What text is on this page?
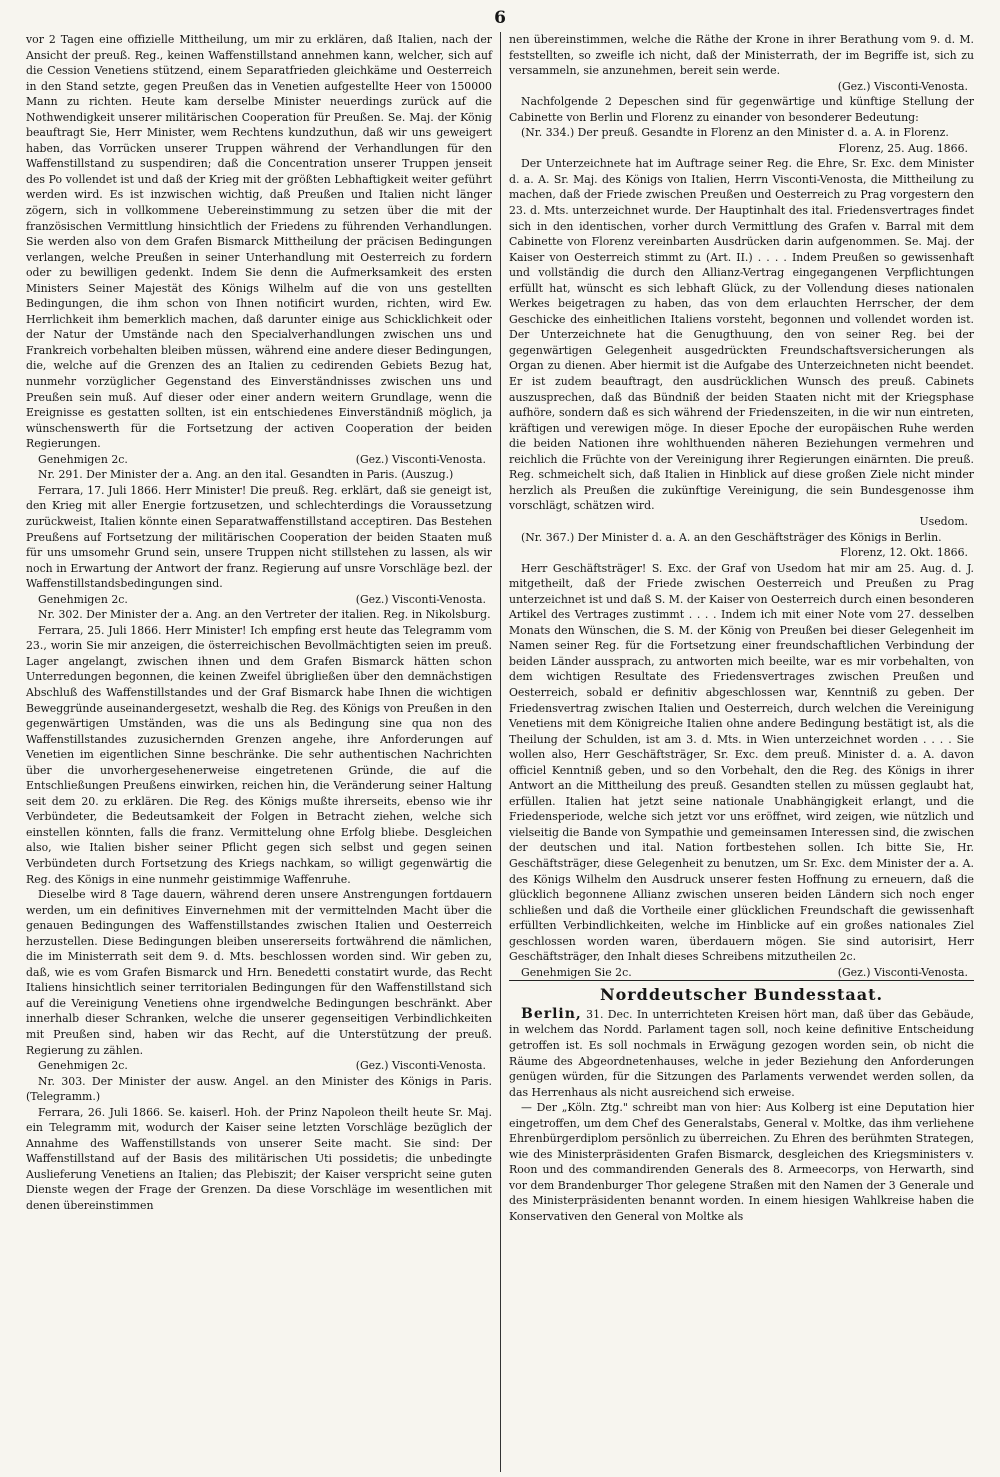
6

vor 2 Tagen eine offizielle Mittheilung, um mir zu erklären, daß Italien, nach der Ansicht der preuß. Reg., keinen Waffenstillstand annehmen kann, welcher, sich auf die Cession Venetiens stützend, einem Separatfrieden gleichkäme und Oesterreich in den Stand setzte, gegen Preußen das in Venetien aufgestellte Heer von 150000 Mann zu richten. Heute kam derselbe Minister neuerdings zurück auf die Nothwendigkeit unserer militärischen Cooperation für Preußen. Se. Maj. der König beauftragt Sie, Herr Minister, wem Rechtens kundzuthun, daß wir uns geweigert haben, das Vorrücken unserer Truppen während der Verhandlungen für den Waffenstillstand zu suspendiren; daß die Concentration unserer Truppen jenseit des Po vollendet ist und daß der Krieg mit der größten Lebhaftigkeit weiter geführt werden wird. Es ist inzwischen wichtig, daß Preußen und Italien nicht länger zögern, sich in vollkommene Uebereinstimmung zu setzen über die mit der französischen Vermittlung hinsichtlich der Friedens zu führenden Verhandlungen. Sie werden also von dem Grafen Bismarck Mittheilung der präcisen Bedingungen verlangen, welche Preußen in seiner Unterhandlung mit Oesterreich zu fordern oder zu bewilligen gedenkt. Indem Sie denn die Aufmerksamkeit des ersten Ministers Seiner Majestät des Königs Wilhelm auf die von uns gestellten Bedingungen, die ihm schon von Ihnen notificirt wurden, richten, wird Ew. Herrlichkeit ihm bemerklich machen, daß darunter einige aus Schicklichkeit oder der Natur der Umstände nach den Specialverhandlungen zwischen uns und Frankreich vorbehalten bleiben müssen, während eine andere dieser Bedingungen, die, welche auf die Grenzen des an Italien zu cedirenden Gebiets Bezug hat, nunmehr vorzüglicher Gegenstand des Einverständnisses zwischen uns und Preußen sein muß. Auf dieser oder einer andern weitern Grundlage, wenn die Ereignisse es gestatten sollten, ist ein entschiedenes Einverständniß möglich, ja wünschenswerth für die Fortsetzung der activen Cooperation der beiden Regierungen.

Genehmigen 2c.	(Gez.) Visconti-Venosta.

Nr. 291. Der Minister der a. Ang. an den ital. Gesandten in Paris. (Auszug.)

Ferrara, 17. Juli 1866. Herr Minister! Die preuß. Reg. erklärt, daß sie geneigt ist, den Krieg mit aller Energie fortzusetzen, und schlechterdings die Voraussetzung zurückweist, Italien könnte einen Separatwaffenstillstand acceptiren. Das Bestehen Preußens auf Fortsetzung der militärischen Cooperation der beiden Staaten muß für uns umsomehr Grund sein, unsere Truppen nicht stillstehen zu lassen, als wir noch in Erwartung der Antwort der franz. Regierung auf unsre Vorschläge bezl. der Waffenstillstandsbedingungen sind.

Genehmigen 2c.	(Gez.) Visconti-Venosta.

Nr. 302. Der Minister der a. Ang. an den Vertreter der italien. Reg. in Nikolsburg.

Ferrara, 25. Juli 1866. Herr Minister! Ich empfing erst heute das Telegramm vom 23., worin Sie mir anzeigen, die österreichischen Bevollmächtigten seien im preuß. Lager angelangt, zwischen ihnen und dem Grafen Bismarck hätten schon Unterredungen begonnen, die keinen Zweifel übrigließen über den demnächstigen Abschluß des Waffenstillstandes und der Graf Bismarck habe Ihnen die wichtigen Beweggründe auseinandergesetzt, weshalb die Reg. des Königs von Preußen in den gegenwärtigen Umständen, was die uns als Bedingung sine qua non des Waffenstillstandes zuzusichernden Grenzen angehe, ihre Anforderungen auf Venetien im eigentlichen Sinne beschränke. Die sehr authentischen Nachrichten über die unvorhergesehenerweise eingetretenen Gründe, die auf die Entschließungen Preußens einwirken, reichen hin, die Veränderung seiner Haltung seit dem 20. zu erklären. Die Reg. des Königs mußte ihrerseits, ebenso wie ihr Verbündeter, die Bedeutsamkeit der Folgen in Betracht ziehen, welche sich einstellen könnten, falls die franz. Vermittelung ohne Erfolg bliebe. Desgleichen also, wie Italien bisher seiner Pflicht gegen sich selbst und gegen seinen Verbündeten durch Fortsetzung des Kriegs nachkam, so willigt gegenwärtig die Reg. des Königs in eine nunmehr geistimmige Waffenruhe.

Dieselbe wird 8 Tage dauern, während deren unsere Anstrengungen fortdauern werden, um ein definitives Einvernehmen mit der vermittelnden Macht über die genauen Bedingungen des Waffenstillstandes zwischen Italien und Oesterreich herzustellen. Diese Bedingungen bleiben unsererseits fortwährend die nämlichen, die im Ministerrath seit dem 9. d. Mts. beschlossen worden sind. Wir geben zu, daß, wie es vom Grafen Bismarck und Hrn. Benedetti constatirt wurde, das Recht Italiens hinsichtlich seiner territorialen Bedingungen für den Waffenstillstand sich auf die Vereinigung Venetiens ohne irgendwelche Bedingungen beschränkt. Aber innerhalb dieser Schranken, welche die unserer gegenseitigen Verbindlichkeiten mit Preußen sind, haben wir das Recht, auf die Unterstützung der preuß. Regierung zu zählen.

Genehmigen 2c.	(Gez.) Visconti-Venosta.

Nr. 303. Der Minister der ausw. Angel. an den Minister des Königs in Paris. (Telegramm.)

Ferrara, 26. Juli 1866. Se. kaiserl. Hoh. der Prinz Napoleon theilt heute Sr. Maj. ein Telegramm mit, wodurch der Kaiser seine letzten Vorschläge bezüglich der Annahme des Waffenstillstands von unserer Seite macht. Sie sind: Der Waffenstillstand auf der Basis des militärischen Uti possidetis; die unbedingte Auslieferung Venetiens an Italien; das Plebiszit; der Kaiser verspricht seine guten Dienste wegen der Frage der Grenzen. Da diese Vorschläge im wesentlichen mit denen übereinstimmen

nen übereinstimmen, welche die Räthe der Krone in ihrer Berathung vom 9. d. M. feststellten, so zweifle ich nicht, daß der Ministerrath, der im Begriffe ist, sich zu versammeln, sie anzunehmen, bereit sein werde.

(Gez.) Visconti-Venosta.

Nachfolgende 2 Depeschen sind für gegenwärtige und künftige Stellung der Cabinette von Berlin und Florenz zu einander von besonderer Bedeutung:

(Nr. 334.) Der preuß. Gesandte in Florenz an den Minister d. a. A. in Florenz.

Florenz, 25. Aug. 1866.

Der Unterzeichnete hat im Auftrage seiner Reg. die Ehre, Sr. Exc. dem Minister d. a. A. Sr. Maj. des Königs von Italien, Herrn Visconti-Venosta, die Mittheilung zu machen, daß der Friede zwischen Preußen und Oesterreich zu Prag vorgestern den 23. d. Mts. unterzeichnet wurde. Der Hauptinhalt des ital. Friedensvertrages findet sich in den identischen, vorher durch Vermittlung des Grafen v. Barral mit dem Cabinette von Florenz vereinbarten Ausdrücken darin aufgenommen. Se. Maj. der Kaiser von Oesterreich stimmt zu (Art. II.) . . . . Indem Preußen so gewissenhaft und vollständig die durch den Allianz-Vertrag eingegangenen Verpflichtungen erfüllt hat, wünscht es sich lebhaft Glück, zu der Vollendung dieses nationalen Werkes beigetragen zu haben, das von dem erlauchten Herrscher, der dem Geschicke des einheitlichen Italiens vorsteht, begonnen und vollendet worden ist. Der Unterzeichnete hat die Genugthuung, den von seiner Reg. bei der gegenwärtigen Gelegenheit ausgedrückten Freundschaftsversicherungen als Organ zu dienen. Aber hiermit ist die Aufgabe des Unterzeichneten nicht beendet. Er ist zudem beauftragt, den ausdrücklichen Wunsch des preuß. Cabinets auszusprechen, daß das Bündniß der beiden Staaten nicht mit der Kriegsphase aufhöre, sondern daß es sich während der Friedenszeiten, in die wir nun eintreten, kräftigen und verewigen möge. In dieser Epoche der europäischen Ruhe werden die beiden Nationen ihre wohlthuenden näheren Beziehungen vermehren und reichlich die Früchte von der Vereinigung ihrer Regierungen einärnten. Die preuß. Reg. schmeichelt sich, daß Italien in Hinblick auf diese großen Ziele nicht minder herzlich als Preußen die zukünftige Vereinigung, die sein Bundesgenosse ihm vorschlägt, schätzen wird.

Usedom.

(Nr. 367.) Der Minister d. a. A. an den Geschäftsträger des Königs in Berlin.

Florenz, 12. Okt. 1866.

Herr Geschäftsträger! S. Exc. der Graf von Usedom hat mir am 25. Aug. d. J. mitgetheilt, daß der Friede zwischen Oesterreich und Preußen zu Prag unterzeichnet ist und daß S. M. der Kaiser von Oesterreich durch einen besonderen Artikel des Vertrages zustimmt . . . . Indem ich mit einer Note vom 27. desselben Monats den Wünschen, die S. M. der König von Preußen bei dieser Gelegenheit im Namen seiner Reg. für die Fortsetzung einer freundschaftlichen Verbindung der beiden Länder aussprach, zu antworten mich beeilte, war es mir vorbehalten, von dem wichtigen Resultate des Friedensvertrages zwischen Preußen und Oesterreich, sobald er definitiv abgeschlossen war, Kenntniß zu geben. Der Friedensvertrag zwischen Italien und Oesterreich, durch welchen die Vereinigung Venetiens mit dem Königreiche Italien ohne andere Bedingung bestätigt ist, als die Theilung der Schulden, ist am 3. d. Mts. in Wien unterzeichnet worden . . . . Sie wollen also, Herr Geschäftsträger, Sr. Exc. dem preuß. Minister d. a. A. davon officiel Kenntniß geben, und so den Vorbehalt, den die Reg. des Königs in ihrer Antwort an die Mittheilung des preuß. Gesandten stellen zu müssen geglaubt hat, erfüllen. Italien hat jetzt seine nationale Unabhängigkeit erlangt, und die Friedensperiode, welche sich jetzt vor uns eröffnet, wird zeigen, wie nützlich und vielseitig die Bande von Sympathie und gemeinsamen Interessen sind, die zwischen der deutschen und ital. Nation fortbestehen sollen. Ich bitte Sie, Hr. Geschäftsträger, diese Gelegenheit zu benutzen, um Sr. Exc. dem Minister der a. A. des Königs Wilhelm den Ausdruck unserer festen Hoffnung zu erneuern, daß die glücklich begonnene Allianz zwischen unseren beiden Ländern sich noch enger schließen und daß die Vortheile einer glücklichen Freundschaft die gewissenhaft erfüllten Verbindlichkeiten, welche im Hinblicke auf ein großes nationales Ziel geschlossen worden waren, überdauern mögen. Sie sind autorisirt, Herr Geschäftsträger, den Inhalt dieses Schreibens mitzutheilen 2c.

Genehmigen Sie 2c.	(Gez.) Visconti-Venosta.
Norddeutscher Bundesstaat.

Berlin, 31. Dec. In unterrichteten Kreisen hört man, daß über das Gebäude, in welchem das Nordd. Parlament tagen soll, noch keine definitive Entscheidung getroffen ist. Es soll nochmals in Erwägung gezogen worden sein, ob nicht die Räume des Abgeordnetenhauses, welche in jeder Beziehung den Anforderungen genügen würden, für die Sitzungen des Parlaments verwendet werden sollen, da das Herrenhaus als nicht ausreichend sich erweise.

— Der „Köln. Ztg." schreibt man von hier: Aus Kolberg ist eine Deputation hier eingetroffen, um dem Chef des Generalstabs, General v. Moltke, das ihm verliehene Ehrenbürgerdiplom persönlich zu überreichen. Zu Ehren des berühmten Strategen, wie des Ministerpräsidenten Grafen Bismarck, desgleichen des Kriegsministers v. Roon und des commandirenden Generals des 8. Armeecorps, von Herwarth, sind vor dem Brandenburger Thor gelegene Straßen mit den Namen der 3 Generale und des Ministerpräsidenten benannt worden. In einem hiesigen Wahlkreise haben die Konservativen den General von Moltke als
